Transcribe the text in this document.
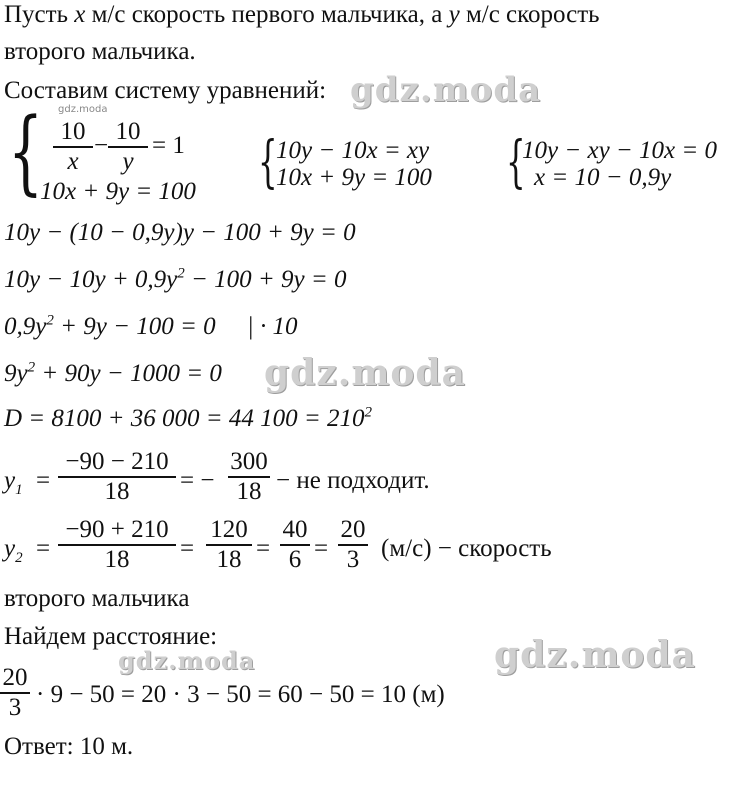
Пусть x м/с скорость первого мальчика, а y м/с скорость
второго мальчика.
Составим систему уравнений: gdz.moda
gdz.moda
{ $\frac{10}{x} - \frac{10}{y} = 1$
10x + 9y = 100 {
10y − 10x = xy
10x + 9y = 100 {
10y − xy − 10x = 0
x = 10 − 0,9y
10y − (10 − 0,9y)y − 100 + 9y = 0
$10y - 10y + 0,9y^2 - 100 + 9y = 0$
$0,9y^2 + 9y - 100 = 0$     | · 10
$9y^2 + 90y - 1000 = 0$ gdz.moda
D = 8100 + 36 000 = 44 $100 = 210^2$
$y_1 = \frac{-90 - 210}{18}$ = − $\frac{300}{18}$ − не подходит.
$y_2 = \frac{-90 + 210}{18} = \frac{120}{18} = \frac{40}{6} = \frac{20}{3} (м/с)$ − скорость
второго мальчика
Найдем расстояние:
gdz.moda	gdz.moda
$\frac{20}{3} \cdot 9 - 50 = 20 \cdot 3 - 50 = 60 - 50 = 10$ (м)
Ответ: 10 м.
